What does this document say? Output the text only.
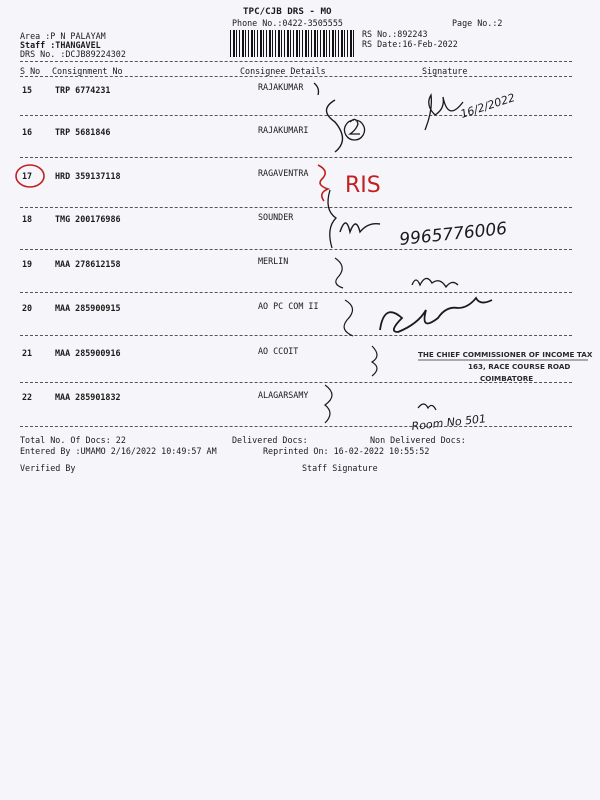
TPC/CJB DRS - MO
Phone No.:0422-3505555	Page No.:2
Area :P N PALAYAM
Staff :THANGAVEL
DRS No. :DCJB89224302
RS No.:892243
RS Date:16-Feb-2022
S No Consignment No	Consignee Details	Signature
15	TRP 6774231	RAJAKUMAR
16	TRP 5681846	RAJAKUMARI
17	HRD 359137118	RAGAVENTRA
18	TMG 200176986	SOUNDER
19	MAA 278612158	MERLIN
20	MAA 285900915	AO PC COM II
21	MAA 285900916	AO CCOIT
22	MAA 285901832	ALAGARSAMY
Total No. Of Docs: 22	Delivered Docs:	Non Delivered Docs:
Entered By :UMAMO 2/16/2022 10:49:57 AM	Reprinted On: 16-02-2022 10:55:52
Verified By	Staff Signature
THE CHIEF COMMISSIONER OF INCOME TAX
163, RACE COURSE ROAD
COIMBATORE
16/2/2022
RIS
9965776006
Room No 501
